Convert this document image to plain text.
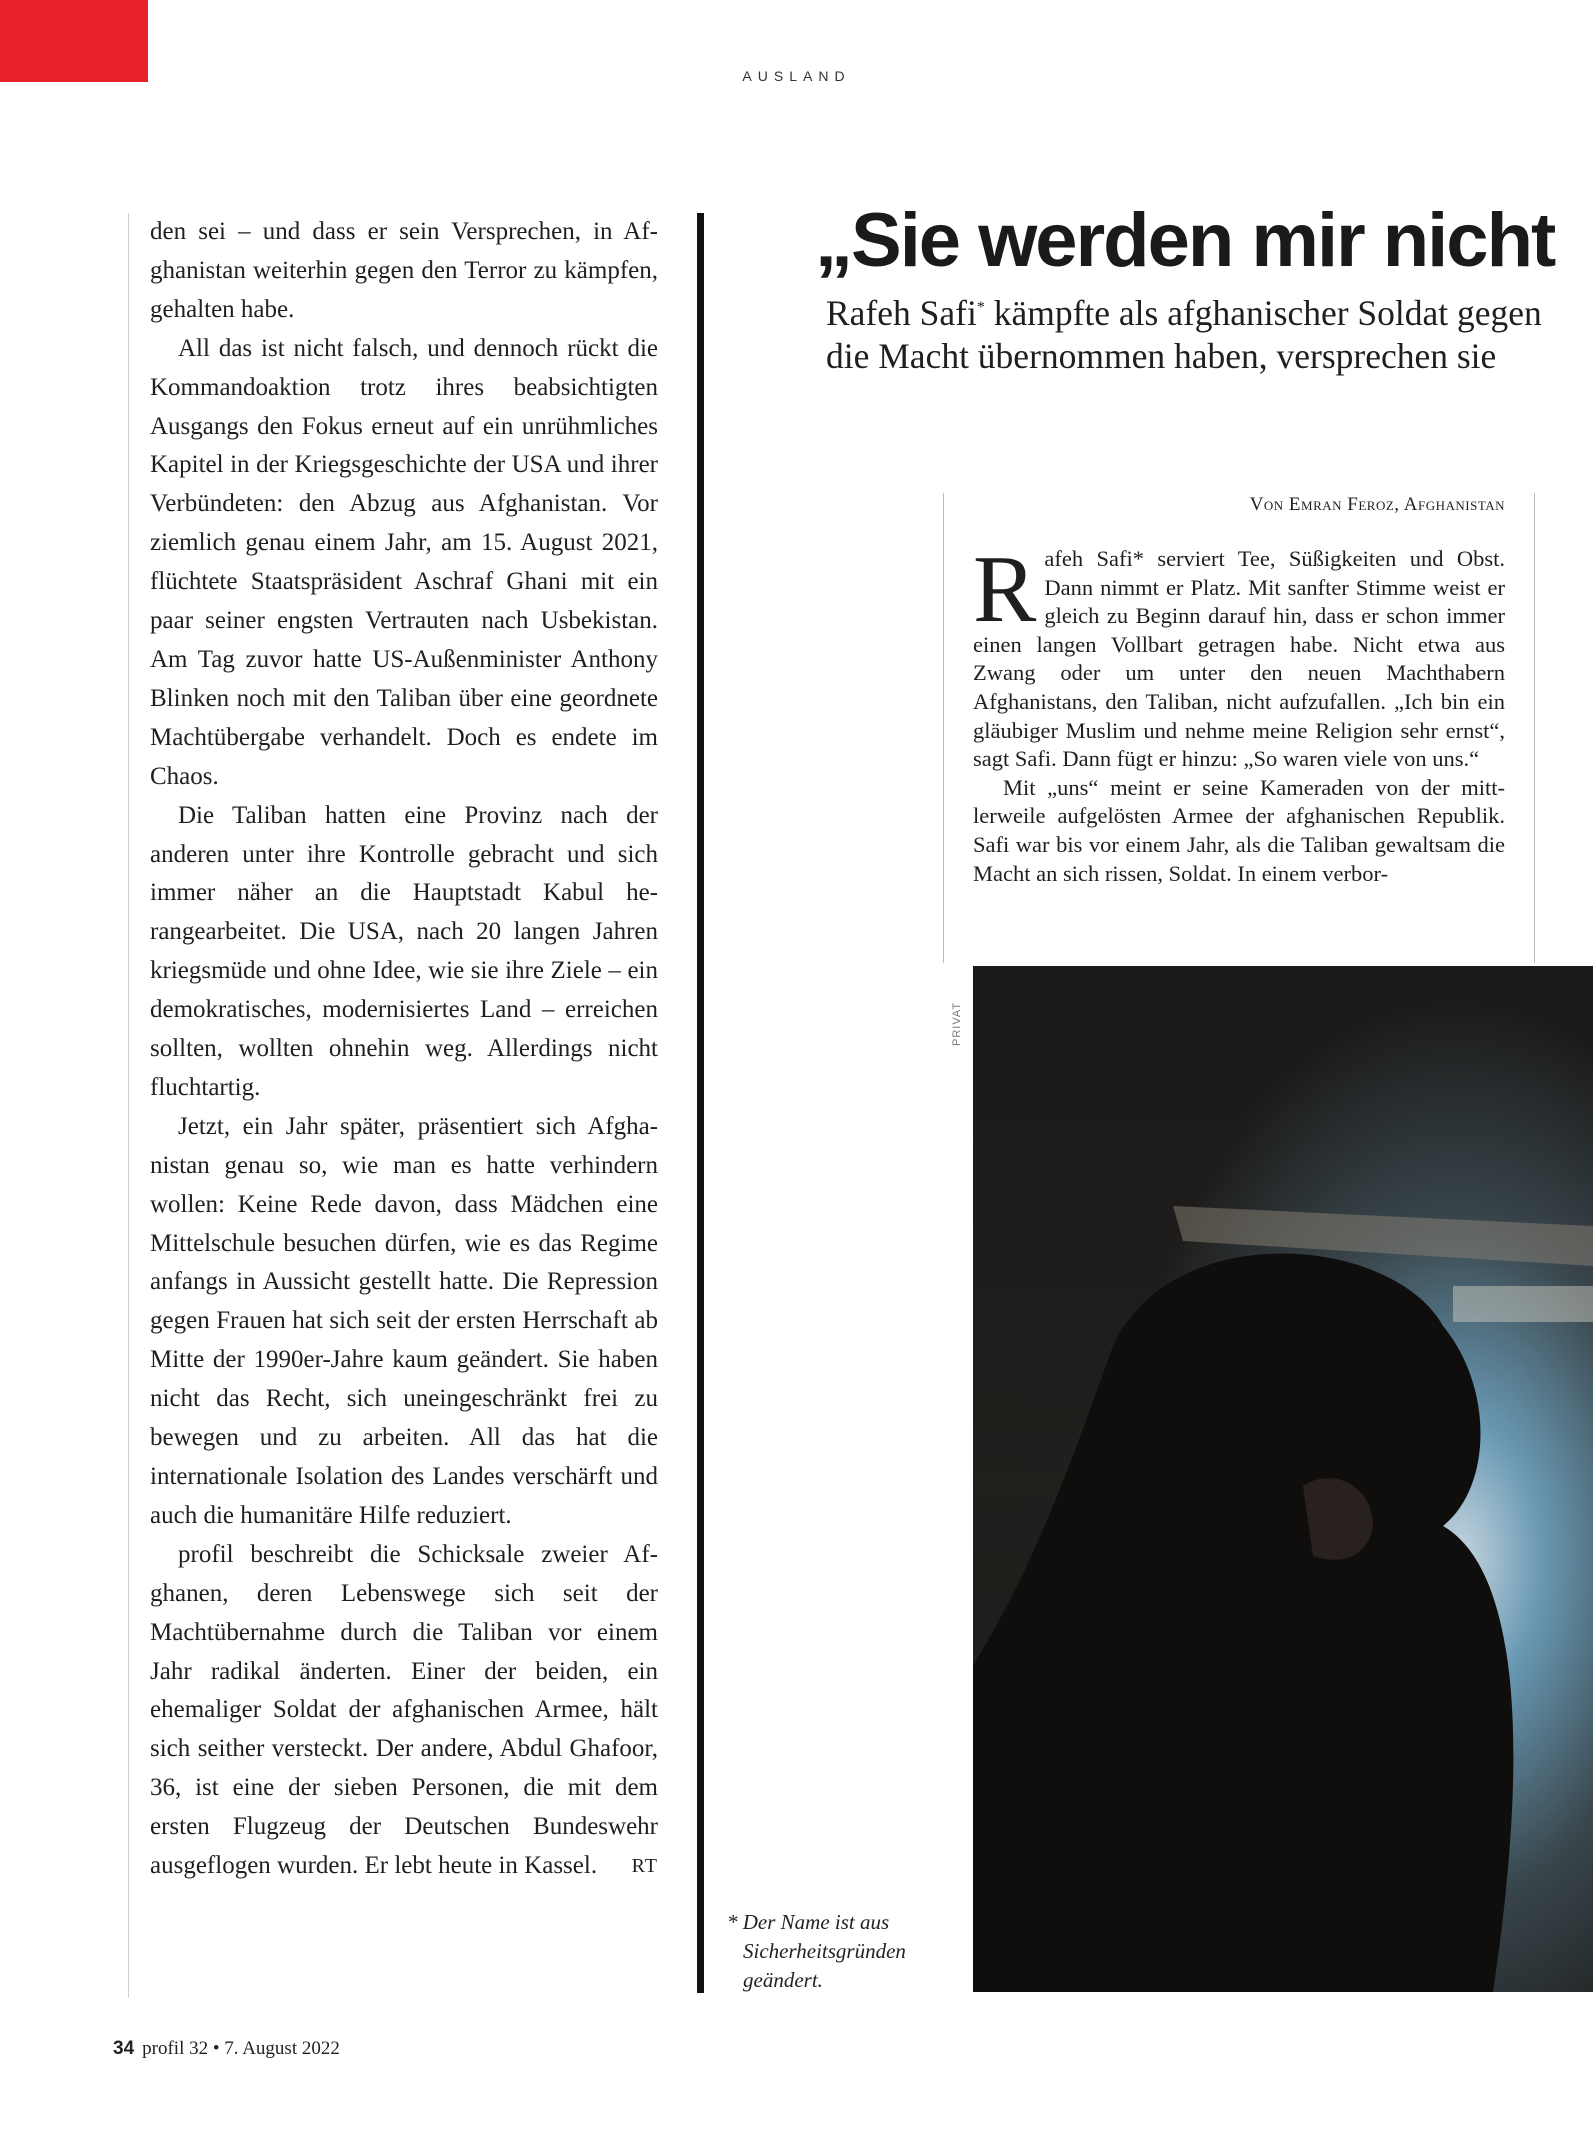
AUSLAND

den sei – und dass er sein Versprechen, in Afghanistan weiterhin gegen den Terror zu kämpfen, gehalten habe.

All das ist nicht falsch, und dennoch rückt die Kommandoaktion trotz ihres beabsichtigten Ausgangs den Fokus erneut auf ein unrühmliches Kapitel in der Kriegsgeschichte der USA und ihrer Verbündeten: den Abzug aus Afghanistan. Vor ziemlich genau einem Jahr, am 15. August 2021, flüchtete Staatspräsident Aschraf Ghani mit ein paar seiner engsten Vertrauten nach Usbekistan. Am Tag zuvor hatte US-Außenminister Anthony Blinken noch mit den Taliban über eine geordnete Machtübergabe verhandelt. Doch es endete im Chaos.

Die Taliban hatten eine Provinz nach der anderen unter ihre Kontrolle gebracht und sich immer näher an die Hauptstadt Kabul herangearbeitet. Die USA, nach 20 langen Jahren kriegsmüde und ohne Idee, wie sie ihre Ziele – ein demokratisches, modernisiertes Land – erreichen sollten, wollten ohnehin weg. Allerdings nicht fluchtartig.

Jetzt, ein Jahr später, präsentiert sich Afghanistan genau so, wie man es hatte verhindern wollen: Keine Rede davon, dass Mädchen eine Mittelschule besuchen dürfen, wie es das Regime anfangs in Aussicht gestellt hatte. Die Repression gegen Frauen hat sich seit der ersten Herrschaft ab Mitte der 1990er-Jahre kaum geändert. Sie haben nicht das Recht, sich uneingeschränkt frei zu bewegen und zu arbeiten. All das hat die internationale Isolation des Landes verschärft und auch die humanitäre Hilfe reduziert.

profil beschreibt die Schicksale zweier Afghanen, deren Lebenswege sich seit der Machtübernahme durch die Taliban vor einem Jahr radikal änderten. Einer der beiden, ein ehemaliger Soldat der afghanischen Armee, hält sich seither versteckt. Der andere, Abdul Ghafoor, 36, ist eine der sieben Personen, die mit dem ersten Flugzeug der Deutschen Bundeswehr ausgeflogen wurden. Er lebt heute in Kassel.	RT

„Sie werden mir nicht
Rafeh Safi* kämpfte als afghanischer Soldat gegen
die Macht übernommen haben, versprechen sie
Von Emran Feroz, Afghanistan

Rafeh Safi* serviert Tee, Süßigkeiten und Obst. Dann nimmt er Platz. Mit sanfter Stimme weist er gleich zu Beginn darauf hin, dass er schon immer einen langen Vollbart getragen habe. Nicht etwa aus Zwang oder um unter den neuen Machthabern Afghanistans, den Taliban, nicht aufzufallen. „Ich bin ein gläubiger Muslim und nehme meine Religion sehr ernst“, sagt Safi. Dann fügt er hinzu: „So waren viele von uns.“

Mit „uns“ meint er seine Kameraden von der mittlerweile aufgelösten Armee der afghanischen Republik. Safi war bis vor einem Jahr, als die Taliban gewaltsam die Macht an sich rissen, Soldat. In einem verbor-

PRIVAT
* Der Name ist aus

Sicherheitsgründen
geändert.
34 profil 32 • 7. August 2022
